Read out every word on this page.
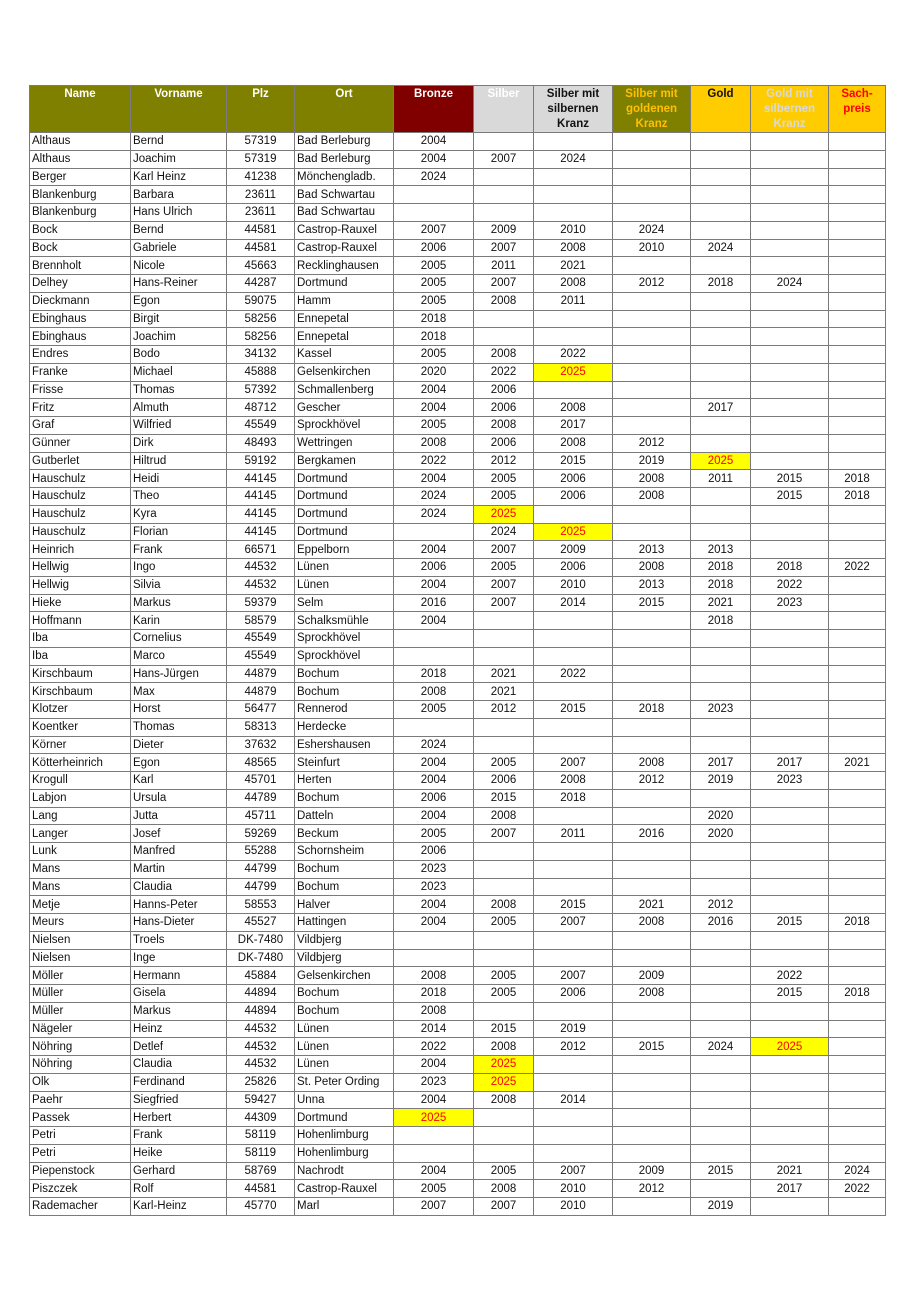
Name	Vorname	Plz	Ort	Bronze	Silber	Silber mit silbernen Kranz	Silber mit goldenen Kranz	Gold	Gold mit silbernen Kranz	Sach-preis
Althaus	Bernd	57319	Bad Berleburg	2004						
Althaus	Joachim	57319	Bad Berleburg	2004	2007	2024				
Berger	Karl Heinz	41238	Mönchengladb.	2024						
Blankenburg	Barbara	23611	Bad Schwartau							
Blankenburg	Hans Ulrich	23611	Bad Schwartau							
Bock	Bernd	44581	Castrop-Rauxel	2007	2009	2010	2024			
Bock	Gabriele	44581	Castrop-Rauxel	2006	2007	2008	2010	2024		
Brennholt	Nicole	45663	Recklinghausen	2005	2011	2021				
Delhey	Hans-Reiner	44287	Dortmund	2005	2007	2008	2012	2018	2024	
Dieckmann	Egon	59075	Hamm	2005	2008	2011				
Ebinghaus	Birgit	58256	Ennepetal	2018						
Ebinghaus	Joachim	58256	Ennepetal	2018						
Endres	Bodo	34132	Kassel	2005	2008	2022				
Franke	Michael	45888	Gelsenkirchen	2020	2022	2025				
Frisse	Thomas	57392	Schmallenberg	2004	2006					
Fritz	Almuth	48712	Gescher	2004	2006	2008		2017		
Graf	Wilfried	45549	Sprockhövel	2005	2008	2017				
Günner	Dirk	48493	Wettringen	2008	2006	2008	2012			
Gutberlet	Hiltrud	59192	Bergkamen	2022	2012	2015	2019	2025		
Hauschulz	Heidi	44145	Dortmund	2004	2005	2006	2008	2011	2015	2018
Hauschulz	Theo	44145	Dortmund	2024	2005	2006	2008		2015	2018
Hauschulz	Kyra	44145	Dortmund	2024	2025					
Hauschulz	Florian	44145	Dortmund		2024	2025				
Heinrich	Frank	66571	Eppelborn	2004	2007	2009	2013	2013		
Hellwig	Ingo	44532	Lünen	2006	2005	2006	2008	2018	2018	2022
Hellwig	Silvia	44532	Lünen	2004	2007	2010	2013	2018	2022	
Hieke	Markus	59379	Selm	2016	2007	2014	2015	2021	2023	
Hoffmann	Karin	58579	Schalksmühle	2004				2018		
Iba	Cornelius	45549	Sprockhövel							
Iba	Marco	45549	Sprockhövel							
Kirschbaum	Hans-Jürgen	44879	Bochum	2018	2021	2022				
Kirschbaum	Max	44879	Bochum	2008	2021					
Klotzer	Horst	56477	Rennerod	2005	2012	2015	2018	2023		
Koentker	Thomas	58313	Herdecke							
Körner	Dieter	37632	Eshershausen	2024						
Kötterheinrich	Egon	48565	Steinfurt	2004	2005	2007	2008	2017	2017	2021
Krogull	Karl	45701	Herten	2004	2006	2008	2012	2019	2023	
Labjon	Ursula	44789	Bochum	2006	2015	2018				
Lang	Jutta	45711	Datteln	2004	2008			2020		
Langer	Josef	59269	Beckum	2005	2007	2011	2016	2020		
Lunk	Manfred	55288	Schornsheim	2006						
Mans	Martin	44799	Bochum	2023						
Mans	Claudia	44799	Bochum	2023						
Metje	Hanns-Peter	58553	Halver	2004	2008	2015	2021	2012		
Meurs	Hans-Dieter	45527	Hattingen	2004	2005	2007	2008	2016	2015	2018
Nielsen	Troels	DK-7480	Vildbjerg							
Nielsen	Inge	DK-7480	Vildbjerg							
Möller	Hermann	45884	Gelsenkirchen	2008	2005	2007	2009		2022	
Müller	Gisela	44894	Bochum	2018	2005	2006	2008		2015	2018
Müller	Markus	44894	Bochum	2008						
Nägeler	Heinz	44532	Lünen	2014	2015	2019				
Nöhring	Detlef	44532	Lünen	2022	2008	2012	2015	2024	2025	
Nöhring	Claudia	44532	Lünen	2004	2025					
Olk	Ferdinand	25826	St. Peter Ording	2023	2025					
Paehr	Siegfried	59427	Unna	2004	2008	2014				
Passek	Herbert	44309	Dortmund	2025						
Petri	Frank	58119	Hohenlimburg							
Petri	Heike	58119	Hohenlimburg							
Piepenstock	Gerhard	58769	Nachrodt	2004	2005	2007	2009	2015	2021	2024
Piszczek	Rolf	44581	Castrop-Rauxel	2005	2008	2010	2012		2017	2022
Rademacher	Karl-Heinz	45770	Marl	2007	2007	2010		2019		
